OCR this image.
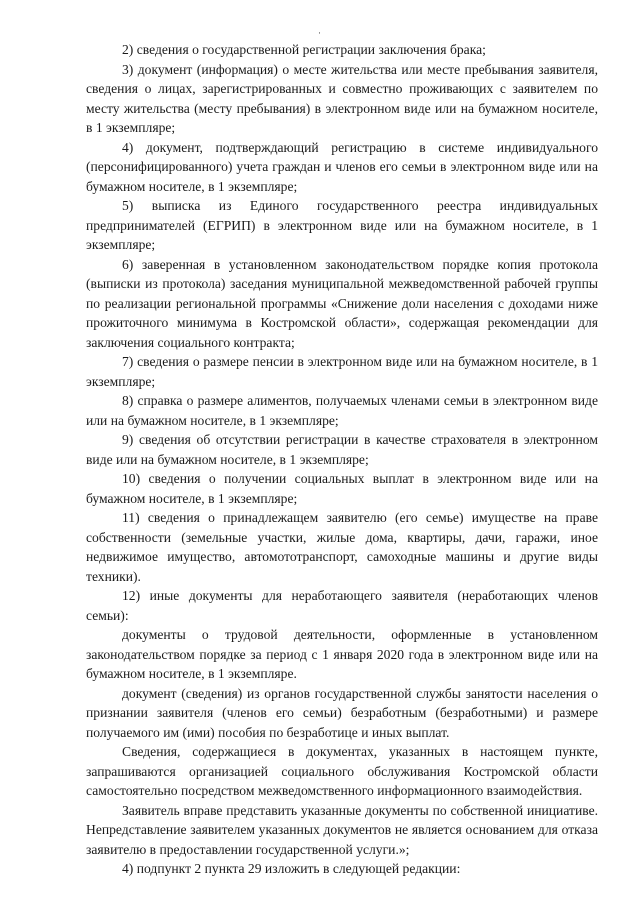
·

2) сведения о государственной регистрации заключения брака;

3) документ (информация) о месте жительства или месте пребывания заявителя, сведения о лицах, зарегистрированных и совместно проживающих с заявителем по месту жительства (месту пребывания) в электронном виде или на бумажном носителе, в 1 экземпляре;

4) документ, подтверждающий регистрацию в системе индивидуального (персонифицированного) учета граждан и членов его семьи в электронном виде или на бумажном носителе, в 1 экземпляре;

5) выписка из Единого государственного реестра индивидуальных предпринимателей (ЕГРИП) в электронном виде или на бумажном носителе, в 1 экземпляре;

6) заверенная в установленном законодательством порядке копия протокола (выписки из протокола) заседания муниципальной межведомственной рабочей группы по реализации региональной программы «Снижение доли населения с доходами ниже прожиточного минимума в Костромской области», содержащая рекомендации для заключения социального контракта;

7) сведения о размере пенсии в электронном виде или на бумажном носителе, в 1 экземпляре;

8) справка о размере алиментов, получаемых членами семьи в электронном виде или на бумажном носителе, в 1 экземпляре;

9) сведения об отсутствии регистрации в качестве страхователя в электронном виде или на бумажном носителе, в 1 экземпляре;

10) сведения о получении социальных выплат в электронном виде или на бумажном носителе, в 1 экземпляре;

11) сведения о принадлежащем заявителю (его семье) имуществе на праве собственности (земельные участки, жилые дома, квартиры, дачи, гаражи, иное недвижимое имущество, автомототранспорт, самоходные машины и другие виды техники).

12) иные документы для неработающего заявителя (неработающих членов семьи):

документы о трудовой деятельности, оформленные в установленном законодательством порядке за период с 1 января 2020 года в электронном виде или на бумажном носителе, в 1 экземпляре.

документ (сведения) из органов государственной службы занятости населения о признании заявителя (членов его семьи) безработным (безработными) и размере получаемого им (ими) пособия по безработице и иных выплат.

Сведения, содержащиеся в документах, указанных в настоящем пункте, запрашиваются организацией социального обслуживания Костромской области самостоятельно посредством межведомственного информационного взаимодействия.

Заявитель вправе представить указанные документы по собственной инициативе. Непредставление заявителем указанных документов не является основанием для отказа заявителю в предоставлении государственной услуги.»;

4) подпункт 2 пункта 29 изложить в следующей редакции:
